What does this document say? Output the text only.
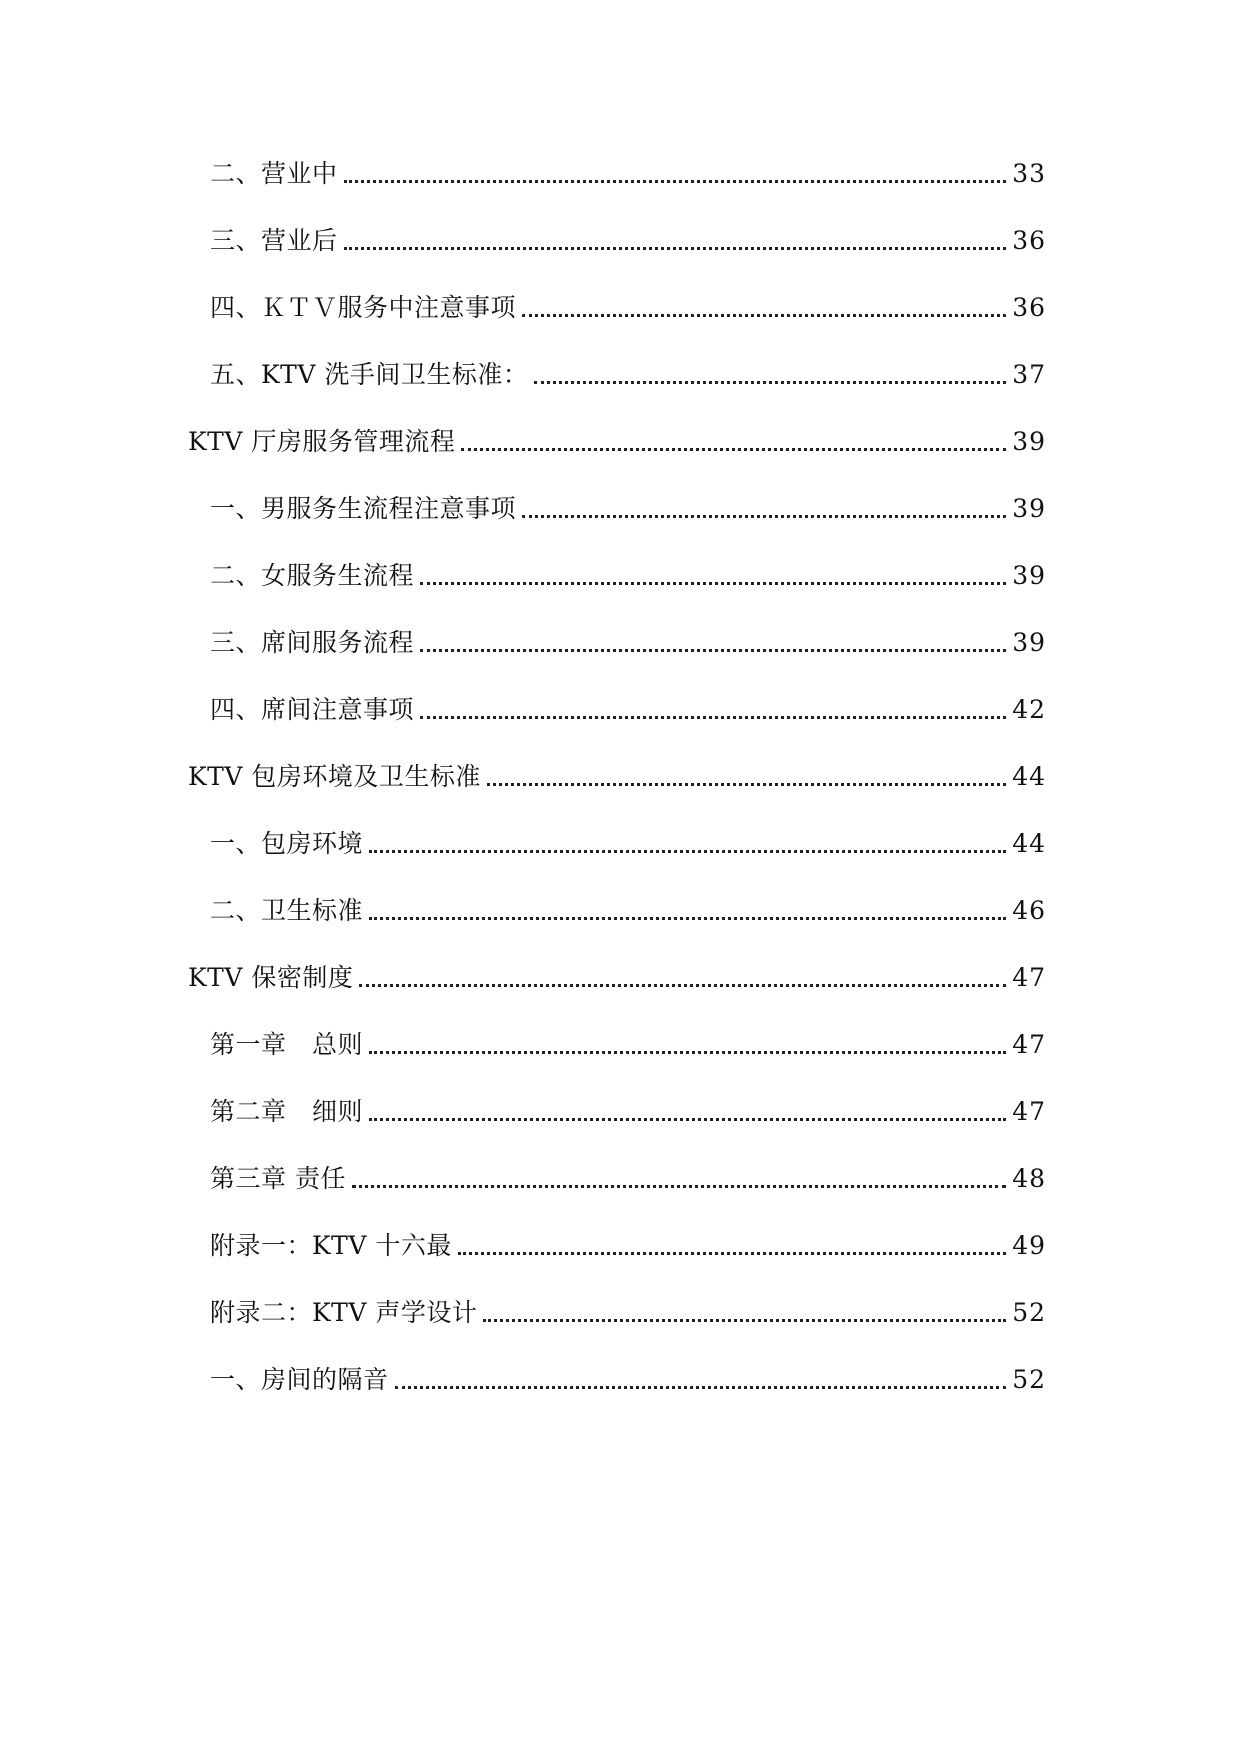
二、营业中	33
三、营业后	36
四、ＫＴＶ服务中注意事项	36
五、KTV 洗手间卫生标准：	37
KTV 厅房服务管理流程	39
一、男服务生流程注意事项	39
二、女服务生流程	39
三、席间服务流程	39
四、席间注意事项	42
KTV 包房环境及卫生标准	44
一、包房环境	44
二、卫生标准	46
KTV 保密制度	47
第一章　总则	47
第二章　细则	47
第三章 责任	48
附录一：KTV 十六最	49
附录二：KTV 声学设计	52
一、房间的隔音	52
